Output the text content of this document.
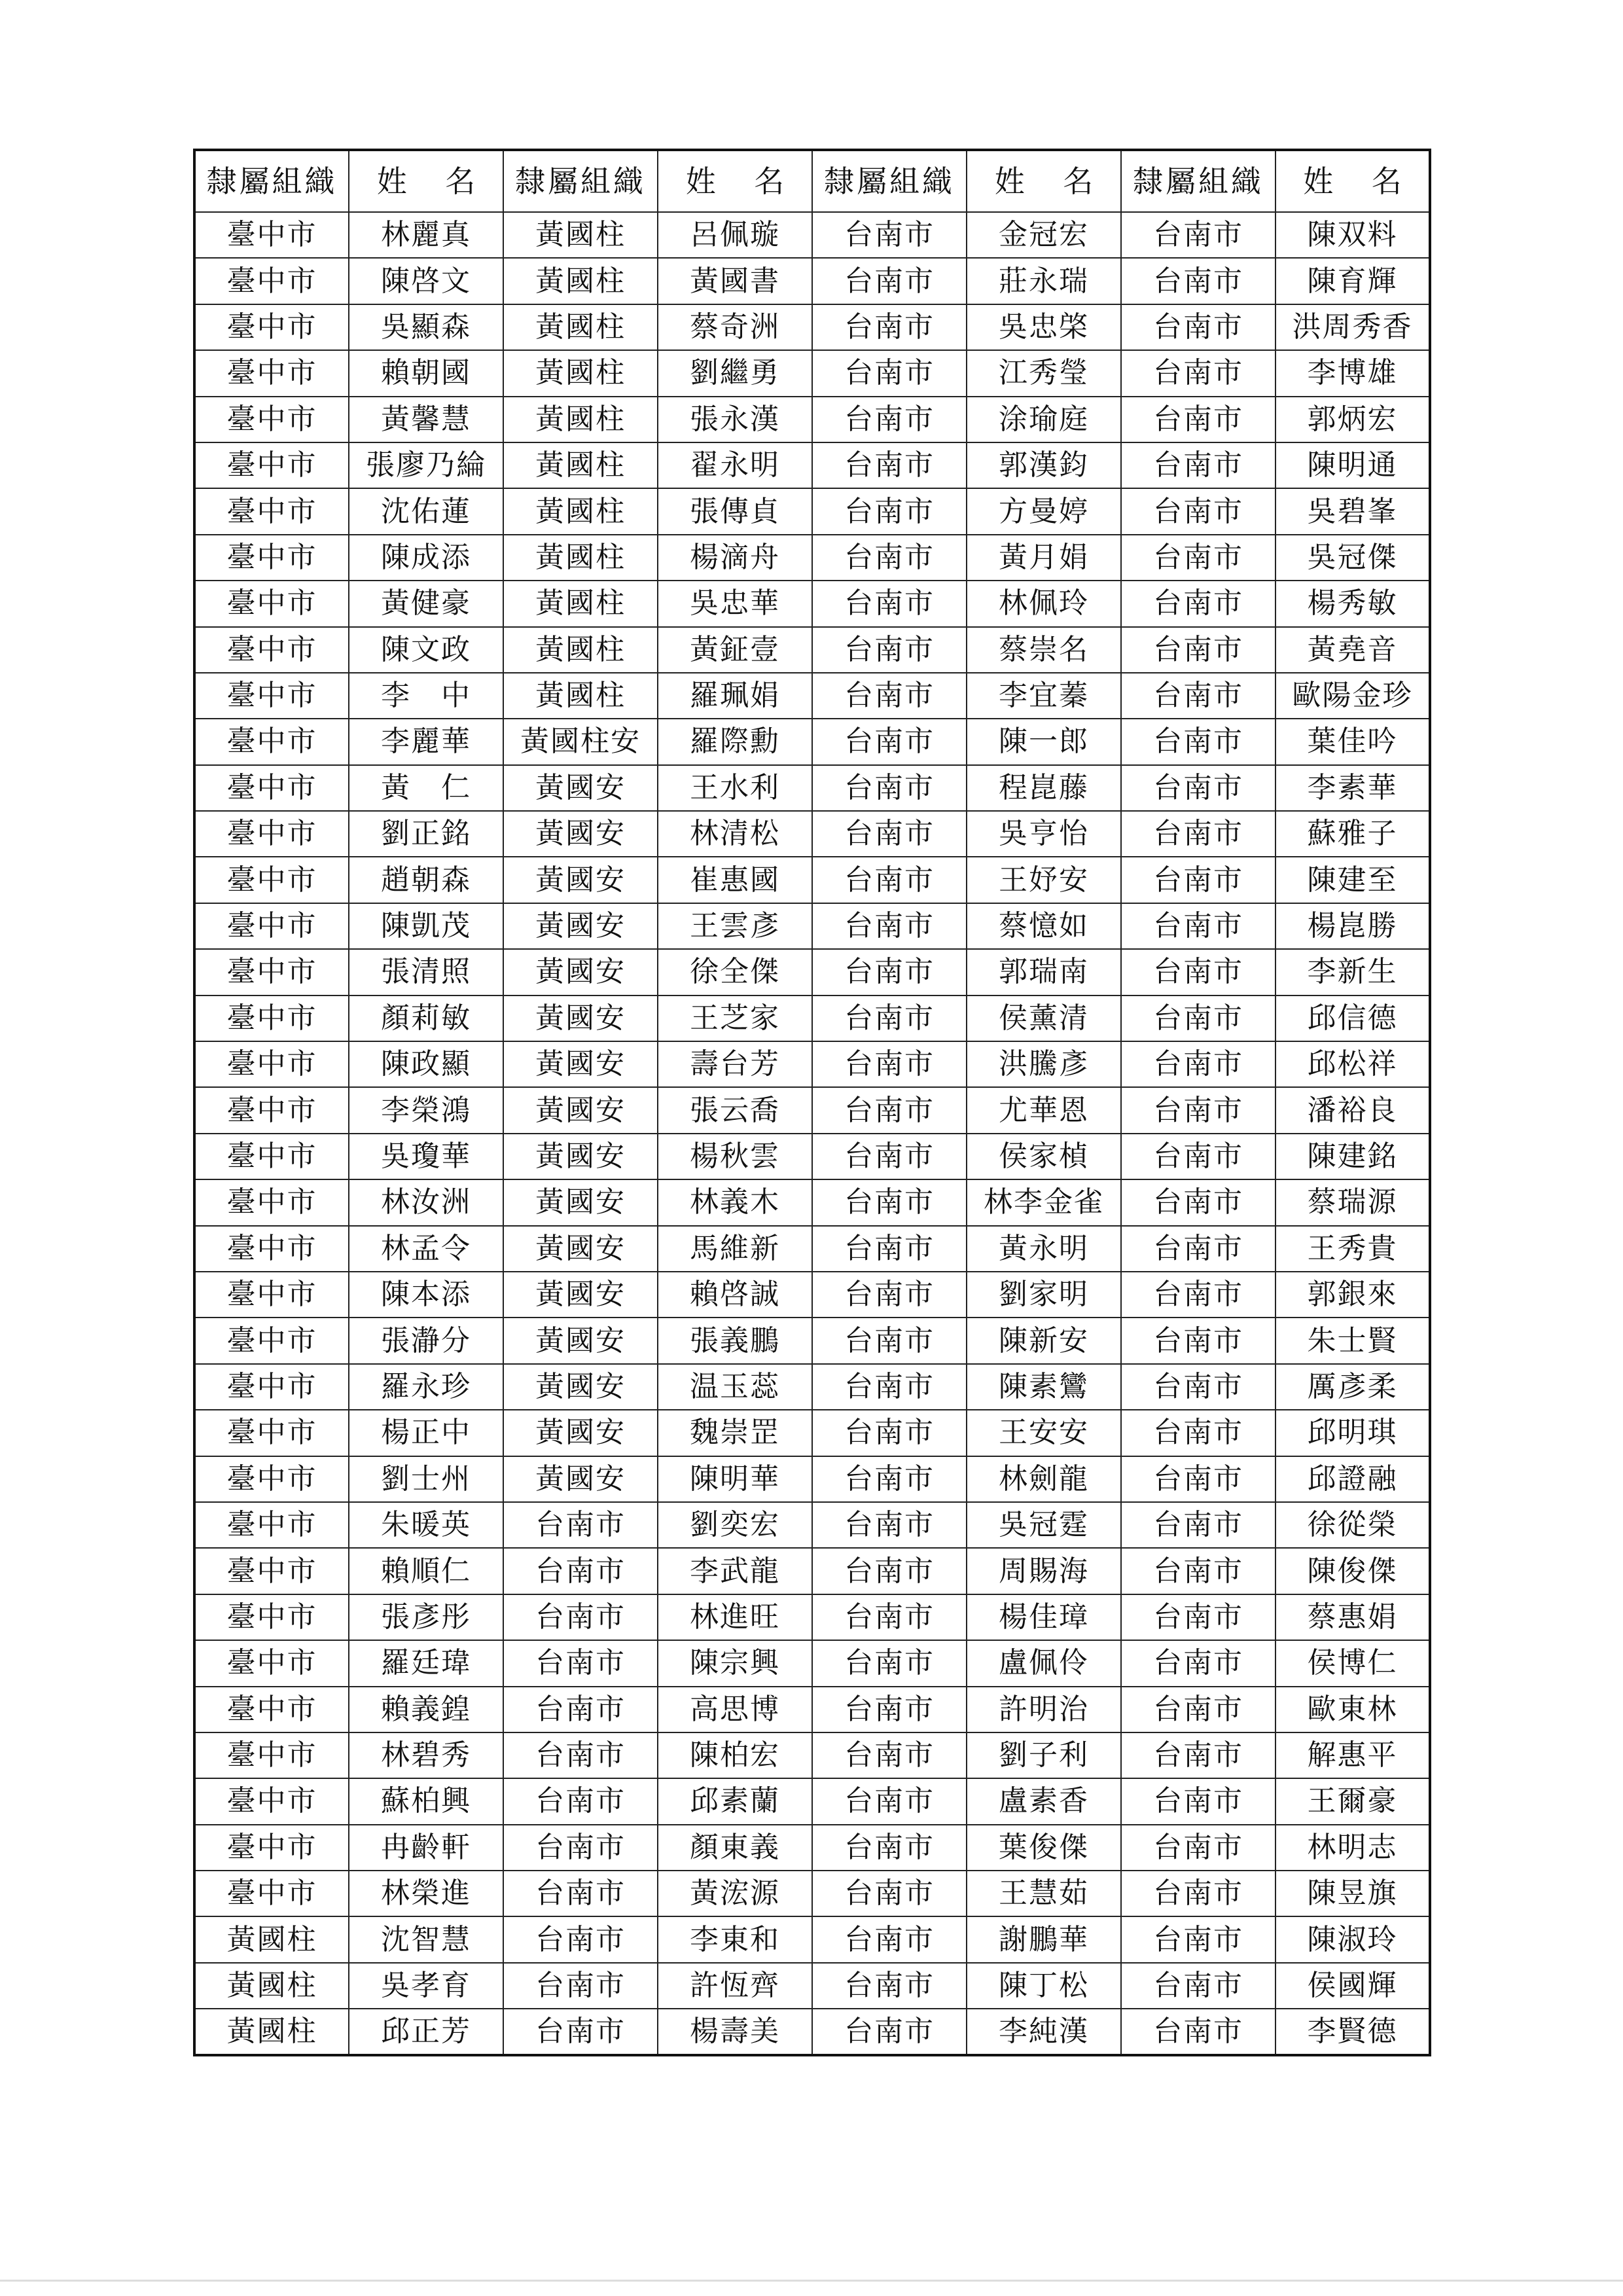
隸屬組織	姓 名	隸屬組織	姓 名	隸屬組織	姓 名	隸屬組織	姓 名
臺中市	林麗真	黃國柱	呂佩璇	台南市	金冠宏	台南市	陳双料
臺中市	陳啓文	黃國柱	黃國書	台南市	莊永瑞	台南市	陳育輝
臺中市	吳顯森	黃國柱	蔡奇洲	台南市	吳忠棨	台南市	洪周秀香
臺中市	賴朝國	黃國柱	劉繼勇	台南市	江秀瑩	台南市	李博雄
臺中市	黃馨慧	黃國柱	張永漢	台南市	涂瑜庭	台南市	郭炳宏
臺中市	張廖乃綸	黃國柱	翟永明	台南市	郭漢鈞	台南市	陳明通
臺中市	沈佑蓮	黃國柱	張傳貞	台南市	方曼婷	台南市	吳碧峯
臺中市	陳成添	黃國柱	楊滴舟	台南市	黃月娟	台南市	吳冠傑
臺中市	黃健豪	黃國柱	吳忠華	台南市	林佩玲	台南市	楊秀敏
臺中市	陳文政	黃國柱	黃鉦壹	台南市	蔡崇名	台南市	黃堯音
臺中市	李　中	黃國柱	羅珮娟	台南市	李宜蓁	台南市	歐陽金珍
臺中市	李麗華	黃國柱安	羅際勳	台南市	陳一郎	台南市	葉佳吟
臺中市	黃　仁	黃國安	王水利	台南市	程崑藤	台南市	李素華
臺中市	劉正銘	黃國安	林清松	台南市	吳亨怡	台南市	蘇雅子
臺中市	趙朝森	黃國安	崔惠國	台南市	王妤安	台南市	陳建至
臺中市	陳凱茂	黃國安	王雲彥	台南市	蔡憶如	台南市	楊崑勝
臺中市	張清照	黃國安	徐全傑	台南市	郭瑞南	台南市	李新生
臺中市	顏莉敏	黃國安	王芝家	台南市	侯薰清	台南市	邱信德
臺中市	陳政顯	黃國安	壽台芳	台南市	洪騰彥	台南市	邱松祥
臺中市	李榮鴻	黃國安	張云喬	台南市	尤華恩	台南市	潘裕良
臺中市	吳瓊華	黃國安	楊秋雲	台南市	侯家楨	台南市	陳建銘
臺中市	林汝洲	黃國安	林義木	台南市	林李金雀	台南市	蔡瑞源
臺中市	林孟令	黃國安	馬維新	台南市	黃永明	台南市	王秀貴
臺中市	陳本添	黃國安	賴啓誠	台南市	劉家明	台南市	郭銀來
臺中市	張瀞分	黃國安	張義鵬	台南市	陳新安	台南市	朱士賢
臺中市	羅永珍	黃國安	温玉蕊	台南市	陳素鸞	台南市	厲彥柔
臺中市	楊正中	黃國安	魏崇罡	台南市	王安安	台南市	邱明琪
臺中市	劉士州	黃國安	陳明華	台南市	林劍龍	台南市	邱證融
臺中市	朱暖英	台南市	劉奕宏	台南市	吳冠霆	台南市	徐從榮
臺中市	賴順仁	台南市	李武龍	台南市	周賜海	台南市	陳俊傑
臺中市	張彥彤	台南市	林進旺	台南市	楊佳璋	台南市	蔡惠娟
臺中市	羅廷瑋	台南市	陳宗興	台南市	盧佩伶	台南市	侯博仁
臺中市	賴義鍠	台南市	高思博	台南市	許明治	台南市	歐東林
臺中市	林碧秀	台南市	陳柏宏	台南市	劉子利	台南市	解惠平
臺中市	蘇柏興	台南市	邱素蘭	台南市	盧素香	台南市	王爾豪
臺中市	冉齡軒	台南市	顏東義	台南市	葉俊傑	台南市	林明志
臺中市	林榮進	台南市	黃浤源	台南市	王慧茹	台南市	陳昱旗
黃國柱	沈智慧	台南市	李東和	台南市	謝鵬華	台南市	陳淑玲
黃國柱	吳孝育	台南市	許恆齊	台南市	陳丁松	台南市	侯國輝
黃國柱	邱正芳	台南市	楊壽美	台南市	李純漢	台南市	李賢德
